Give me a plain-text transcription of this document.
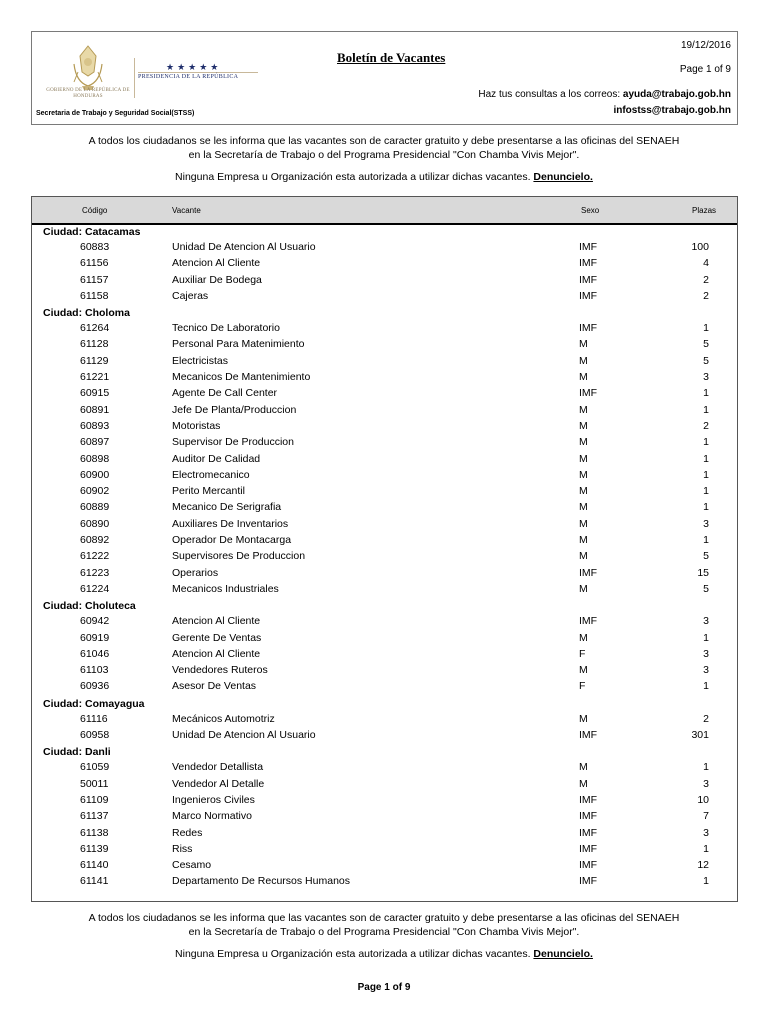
GOBIERNO DE LA REPÚBLICA DE HONDURAS
★★★★★
PRESIDENCIA DE LA REPÚBLICA
Secretaria de Trabajo y Seguridad Social(STSS)
Boletín de Vacantes
19/12/2016
Page 1 of 9
Haz tus consultas a los correos: ayuda@trabajo.gob.hn
infostss@trabajo.gob.hn
A todos los ciudadanos se les informa que las vacantes son de caracter gratuito y debe presentarse a las oficinas del SENAEH
en la Secretaría de Trabajo o del Programa Presidencial "Con Chamba Vivis Mejor".
Ninguna Empresa u Organización esta autorizada a utilizar dichas vacantes. Denuncielo.
Código	Vacante	Sexo	Plazas
Ciudad: Catacamas
60883	Unidad De Atencion Al Usuario	IMF	100
61156	Atencion Al Cliente	IMF	4
61157	Auxiliar De Bodega	IMF	2
61158	Cajeras	IMF	2
Ciudad: Choloma
61264	Tecnico De Laboratorio	IMF	1
61128	Personal Para Matenimiento	M	5
61129	Electricistas	M	5
61221	Mecanicos De Mantenimiento	M	3
60915	Agente De Call Center	IMF	1
60891	Jefe De Planta/Produccion	M	1
60893	Motoristas	M	2
60897	Supervisor De Produccion	M	1
60898	Auditor De Calidad	M	1
60900	Electromecanico	M	1
60902	Perito Mercantil	M	1
60889	Mecanico De Serigrafia	M	1
60890	Auxiliares De Inventarios	M	3
60892	Operador De Montacarga	M	1
61222	Supervisores De Produccion	M	5
61223	Operarios	IMF	15
61224	Mecanicos Industriales	M	5
Ciudad: Choluteca
60942	Atencion Al Cliente	IMF	3
60919	Gerente De Ventas	M	1
61046	Atencion Al Cliente	F	3
61103	Vendedores Ruteros	M	3
60936	Asesor De Ventas	F	1
Ciudad: Comayagua
61116	Mecánicos Automotriz	M	2
60958	Unidad De Atencion Al Usuario	IMF	301
Ciudad: Danli
61059	Vendedor Detallista	M	1
50011	Vendedor Al Detalle	M	3
61109	Ingenieros Civiles	IMF	10
61137	Marco Normativo	IMF	7
61138	Redes	IMF	3
61139	Riss	IMF	1
61140	Cesamo	IMF	12
61141	Departamento De Recursos Humanos	IMF	1
A todos los ciudadanos se les informa que las vacantes son de caracter gratuito y debe presentarse a las oficinas del SENAEH
en la Secretaría de Trabajo o del Programa Presidencial "Con Chamba Vivis Mejor".
Ninguna Empresa u Organización esta autorizada a utilizar dichas vacantes. Denuncielo.
Page 1 of 9
